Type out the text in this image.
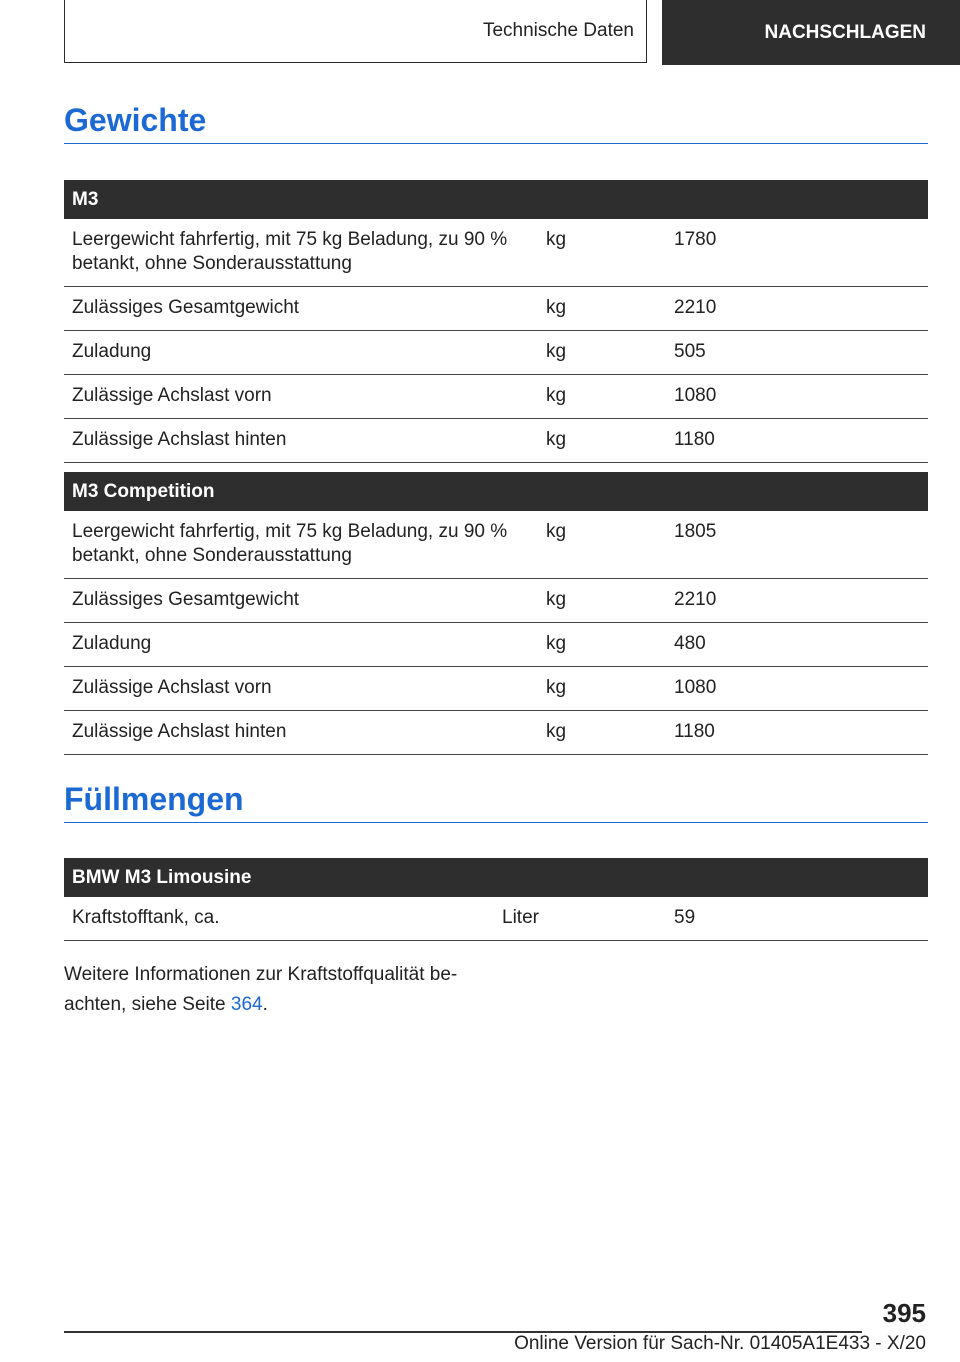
Technische Daten	NACHSCHLAGEN
Gewichte
M3		
Leergewicht fahrfertig, mit 75 kg Beladung, zu 90 % betankt, ohne Sonderausstattung	kg	1780
Zulässiges Gesamtgewicht	kg	2210
Zuladung	kg	505
Zulässige Achslast vorn	kg	1080
Zulässige Achslast hinten	kg	1180
M3 Competition		
Leergewicht fahrfertig, mit 75 kg Beladung, zu 90 % betankt, ohne Sonderausstattung	kg	1805
Zulässiges Gesamtgewicht	kg	2210
Zuladung	kg	480
Zulässige Achslast vorn	kg	1080
Zulässige Achslast hinten	kg	1180
Füllmengen
BMW M3 Limousine
Kraftstofftank, ca.	Liter	59

Weitere Informationen zur Kraftstoffqualität be-achten, siehe Seite 364.

395
Online Version für Sach-Nr. 01405A1E433 - X/20
